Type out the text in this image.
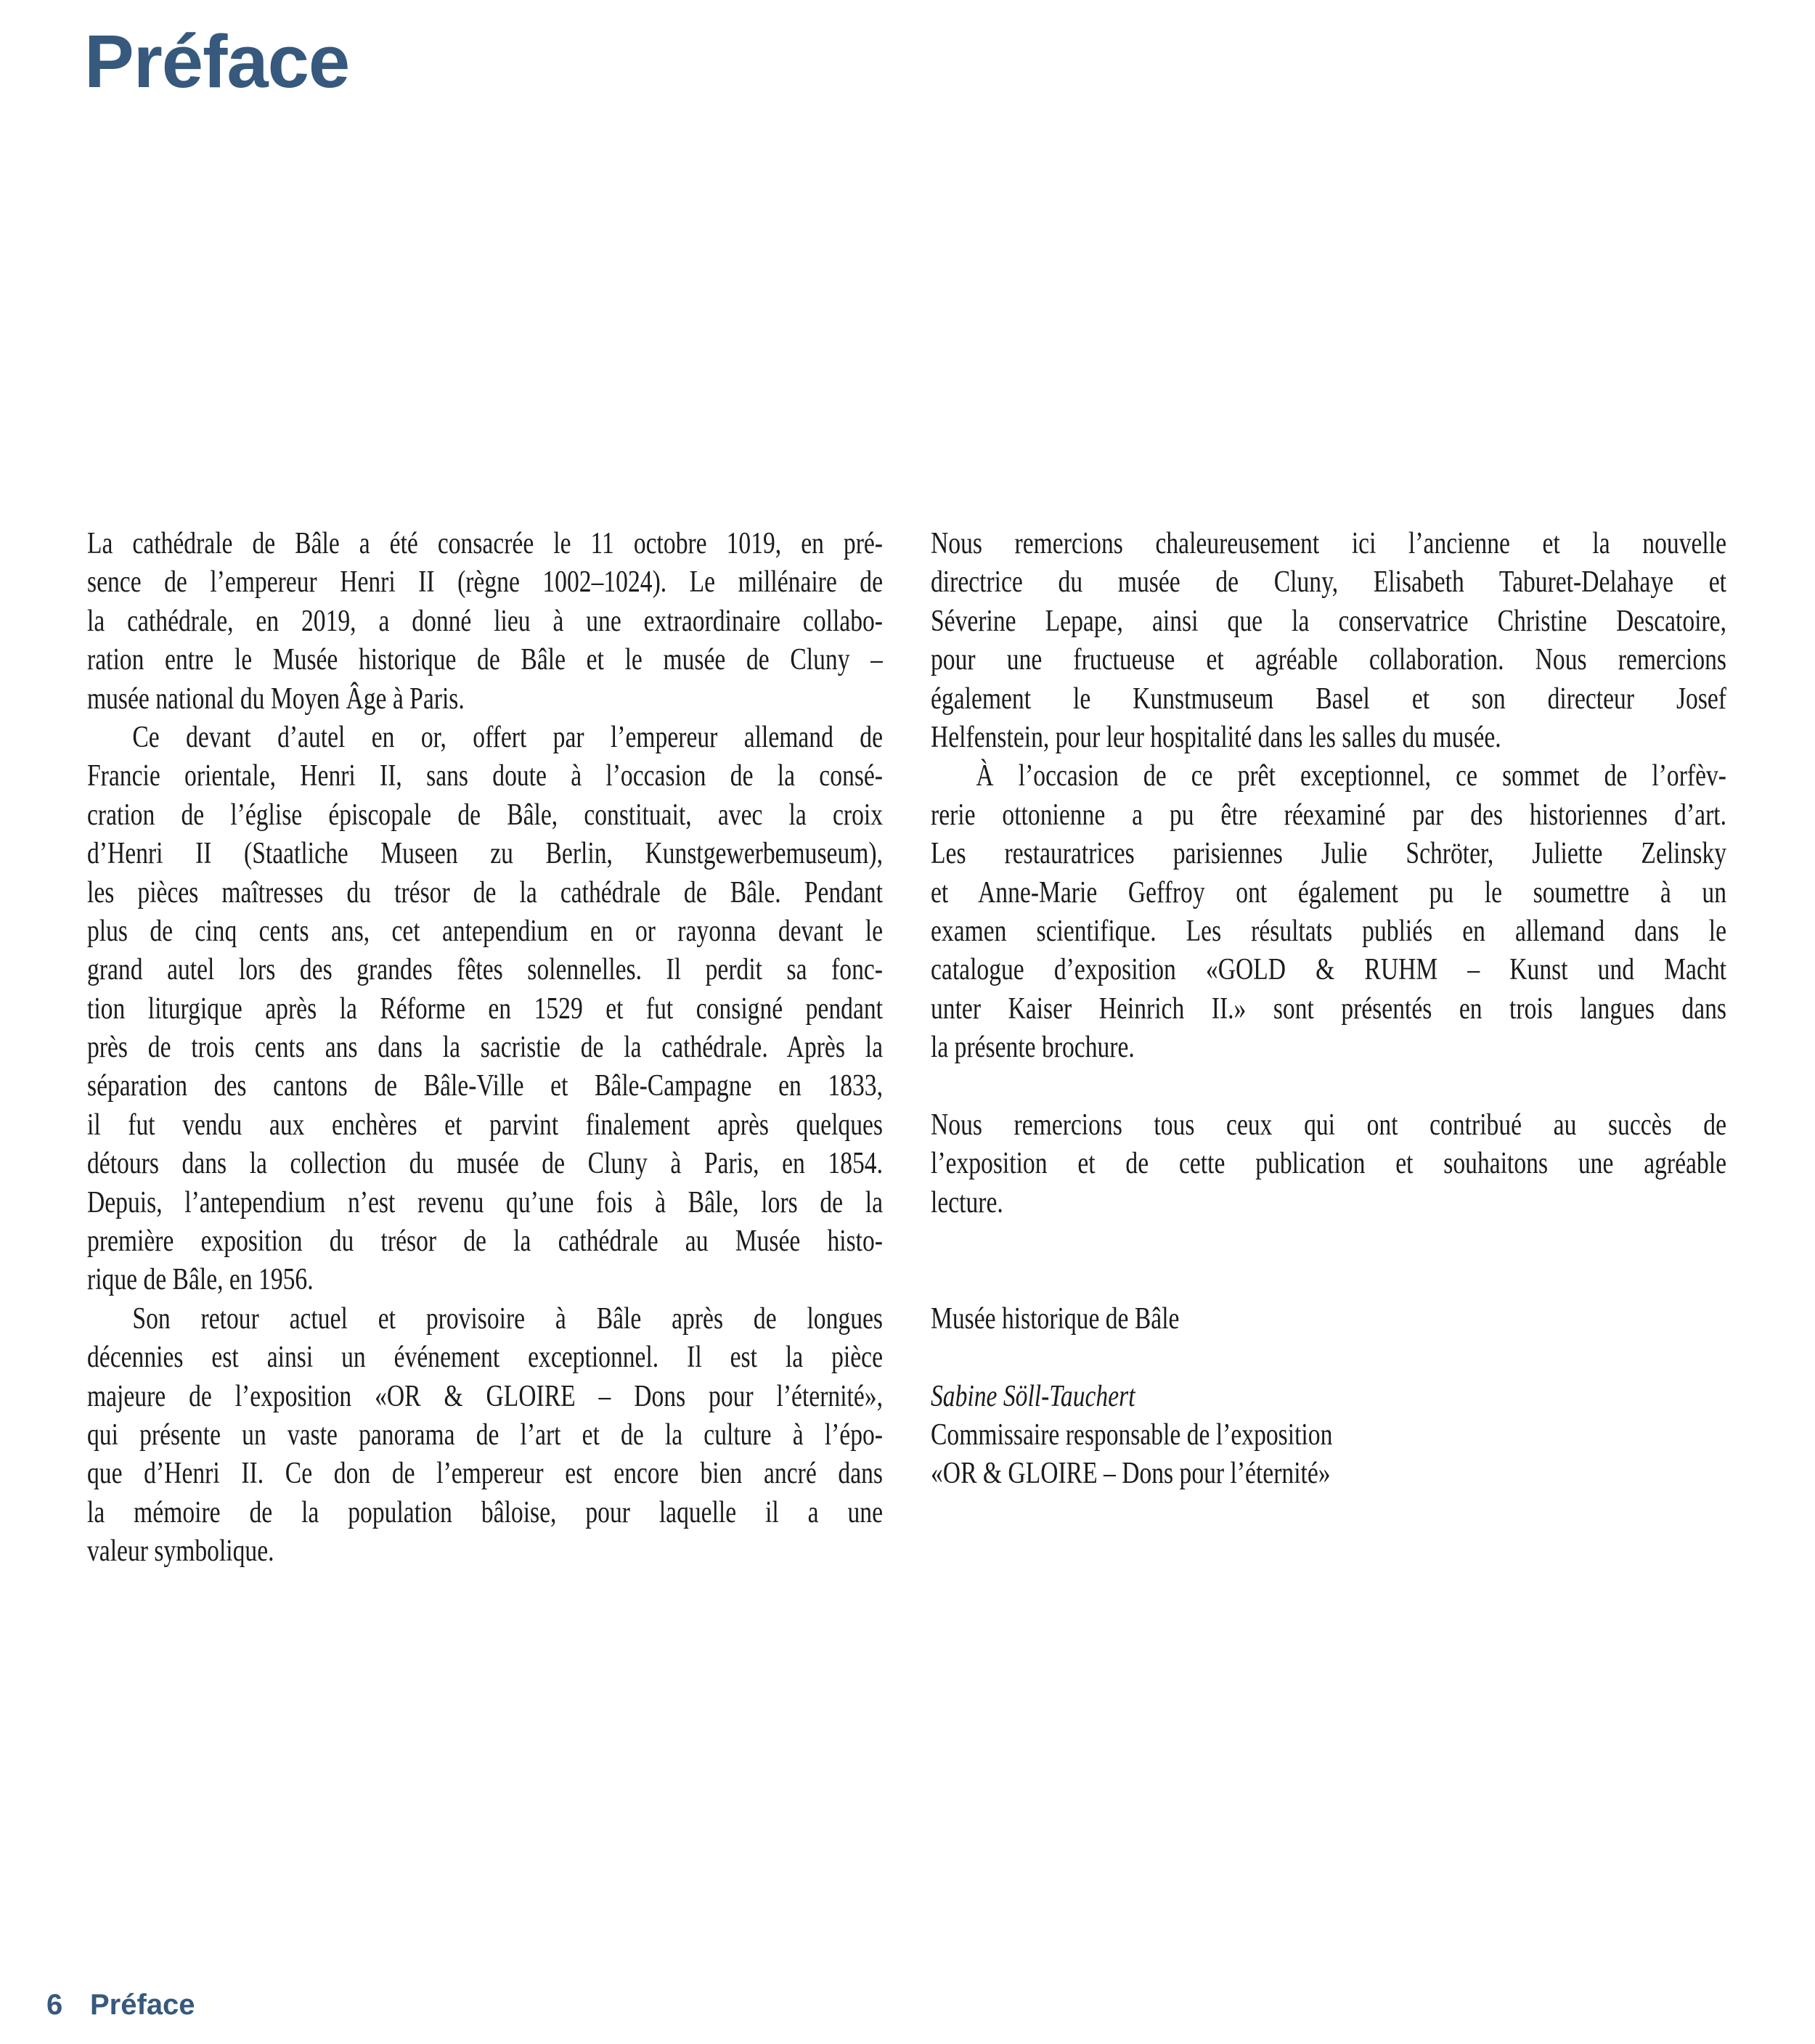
Préface
La cathédrale de Bâle a été consacrée le 11 octobre 1019, en pré-
sence de l’empereur Henri II (règne 1002–1024). Le millénaire de
la cathédrale, en 2019, a donné lieu à une extraordinaire collabo-
ration entre le Musée historique de Bâle et le musée de Cluny –
musée national du Moyen Âge à Paris.
Ce devant d’autel en or, offert par l’empereur allemand de
Francie orientale, Henri II, sans doute à l’occasion de la consé-
cration de l’église épiscopale de Bâle, constituait, avec la croix
d’Henri II (Staatliche Museen zu Berlin, Kunstgewerbemuseum),
les pièces maîtresses du trésor de la cathédrale de Bâle. Pendant
plus de cinq cents ans, cet antependium en or rayonna devant le
grand autel lors des grandes fêtes solennelles. Il perdit sa fonc-
tion liturgique après la Réforme en 1529 et fut consigné pendant
près de trois cents ans dans la sacristie de la cathédrale. Après la
séparation des cantons de Bâle-Ville et Bâle-Campagne en 1833,
il fut vendu aux enchères et parvint finalement après quelques
détours dans la collection du musée de Cluny à Paris, en 1854.
Depuis, l’antependium n’est revenu qu’une fois à Bâle, lors de la
première exposition du trésor de la cathédrale au Musée histo-
rique de Bâle, en 1956.
Son retour actuel et provisoire à Bâle après de longues
décennies est ainsi un événement exceptionnel. Il est la pièce
majeure de l’exposition «OR & GLOIRE – Dons pour l’éternité»,
qui présente un vaste panorama de l’art et de la culture à l’épo-
que d’Henri II. Ce don de l’empereur est encore bien ancré dans
la mémoire de la population bâloise, pour laquelle il a une
valeur symbolique.
Nous remercions chaleureusement ici l’ancienne et la nouvelle
directrice du musée de Cluny, Elisabeth Taburet-Delahaye et
Séverine Lepape, ainsi que la conservatrice Christine Descatoire,
pour une fructueuse et agréable collaboration. Nous remercions
également le Kunstmuseum Basel et son directeur Josef
Helfenstein, pour leur hospitalité dans les salles du musée.
À l’occasion de ce prêt exceptionnel, ce sommet de l’orfèv-
rerie ottonienne a pu être réexaminé par des historiennes d’art.
Les restauratrices parisiennes Julie Schröter, Juliette Zelinsky
et Anne-Marie Geffroy ont également pu le soumettre à un
examen scientifique. Les résultats publiés en allemand dans le
catalogue d’exposition «GOLD & RUHM – Kunst und Macht
unter Kaiser Heinrich II.» sont présentés en trois langues dans
la présente brochure.
Nous remercions tous ceux qui ont contribué au succès de
l’exposition et de cette publication et souhaitons une agréable
lecture.
Musée historique de Bâle
Sabine Söll-Tauchert
Commissaire responsable de l’exposition
«OR & GLOIRE – Dons pour l’éternité»
6 Préface
